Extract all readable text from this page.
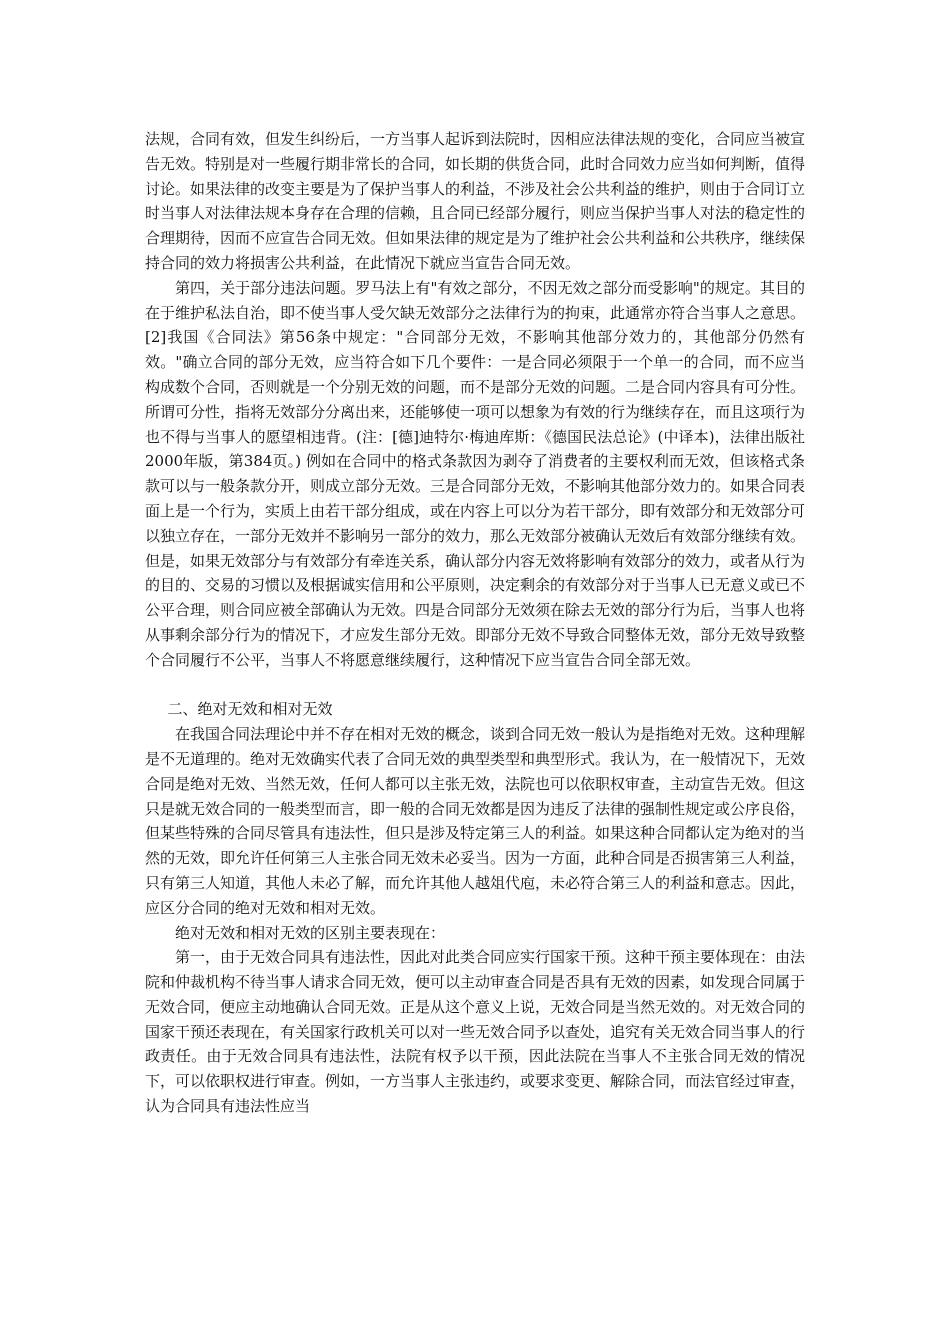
法规，合同有效，但发生纠纷后，一方当事人起诉到法院时，因相应法律法规的变化，合同应当被宣告无效。特别是对一些履行期非常长的合同，如长期的供货合同，此时合同效力应当如何判断，值得讨论。如果法律的改变主要是为了保护当事人的利益，不涉及社会公共利益的维护，则由于合同订立时当事人对法律法规本身存在合理的信赖，且合同已经部分履行，则应当保护当事人对法的稳定性的合理期待，因而不应宣告合同无效。但如果法律的规定是为了维护社会公共利益和公共秩序，继续保持合同的效力将损害公共利益，在此情况下就应当宣告合同无效。

第四，关于部分违法问题。罗马法上有"有效之部分，不因无效之部分而受影响"的规定。其目的在于维护私法自治，即不使当事人受欠缺无效部分之法律行为的拘束，此通常亦符合当事人之意思。[2]我国《合同法》第56条中规定："合同部分无效，不影响其他部分效力的，其他部分仍然有效。"确立合同的部分无效，应当符合如下几个要件：一是合同必须限于一个单一的合同，而不应当构成数个合同，否则就是一个分别无效的问题，而不是部分无效的问题。二是合同内容具有可分性。所谓可分性，指将无效部分分离出来，还能够使一项可以想象为有效的行为继续存在，而且这项行为也不得与当事人的愿望相违背。(注：[德]迪特尔·梅迪库斯：《德国民法总论》(中译本)，法律出版社2000年版，第384页。) 例如在合同中的格式条款因为剥夺了消费者的主要权利而无效，但该格式条款可以与一般条款分开，则成立部分无效。三是合同部分无效，不影响其他部分效力的。如果合同表面上是一个行为，实质上由若干部分组成，或在内容上可以分为若干部分，即有效部分和无效部分可以独立存在，一部分无效并不影响另一部分的效力，那么无效部分被确认无效后有效部分继续有效。但是，如果无效部分与有效部分有牵连关系，确认部分内容无效将影响有效部分的效力，或者从行为的目的、交易的习惯以及根据诚实信用和公平原则，决定剩余的有效部分对于当事人已无意义或已不公平合理，则合同应被全部确认为无效。四是合同部分无效须在除去无效的部分行为后，当事人也将从事剩余部分行为的情况下，才应发生部分无效。即部分无效不导致合同整体无效，部分无效导致整个合同履行不公平，当事人不将愿意继续履行，这种情况下应当宣告合同全部无效。

二、绝对无效和相对无效

在我国合同法理论中并不存在相对无效的概念，谈到合同无效一般认为是指绝对无效。这种理解是不无道理的。绝对无效确实代表了合同无效的典型类型和典型形式。我认为，在一般情况下，无效合同是绝对无效、当然无效，任何人都可以主张无效，法院也可以依职权审查，主动宣告无效。但这只是就无效合同的一般类型而言，即一般的合同无效都是因为违反了法律的强制性规定或公序良俗，但某些特殊的合同尽管具有违法性，但只是涉及特定第三人的利益。如果这种合同都认定为绝对的当然的无效，即允许任何第三人主张合同无效未必妥当。因为一方面，此种合同是否损害第三人利益，只有第三人知道，其他人未必了解，而允许其他人越俎代庖，未必符合第三人的利益和意志。因此，应区分合同的绝对无效和相对无效。

绝对无效和相对无效的区别主要表现在：

第一，由于无效合同具有违法性，因此对此类合同应实行国家干预。这种干预主要体现在：由法院和仲裁机构不待当事人请求合同无效，便可以主动审查合同是否具有无效的因素，如发现合同属于无效合同，便应主动地确认合同无效。正是从这个意义上说，无效合同是当然无效的。对无效合同的国家干预还表现在，有关国家行政机关可以对一些无效合同予以查处，追究有关无效合同当事人的行政责任。由于无效合同具有违法性，法院有权予以干预，因此法院在当事人不主张合同无效的情况下，可以依职权进行审查。例如，一方当事人主张违约，或要求变更、解除合同，而法官经过审查，认为合同具有违法性应当
